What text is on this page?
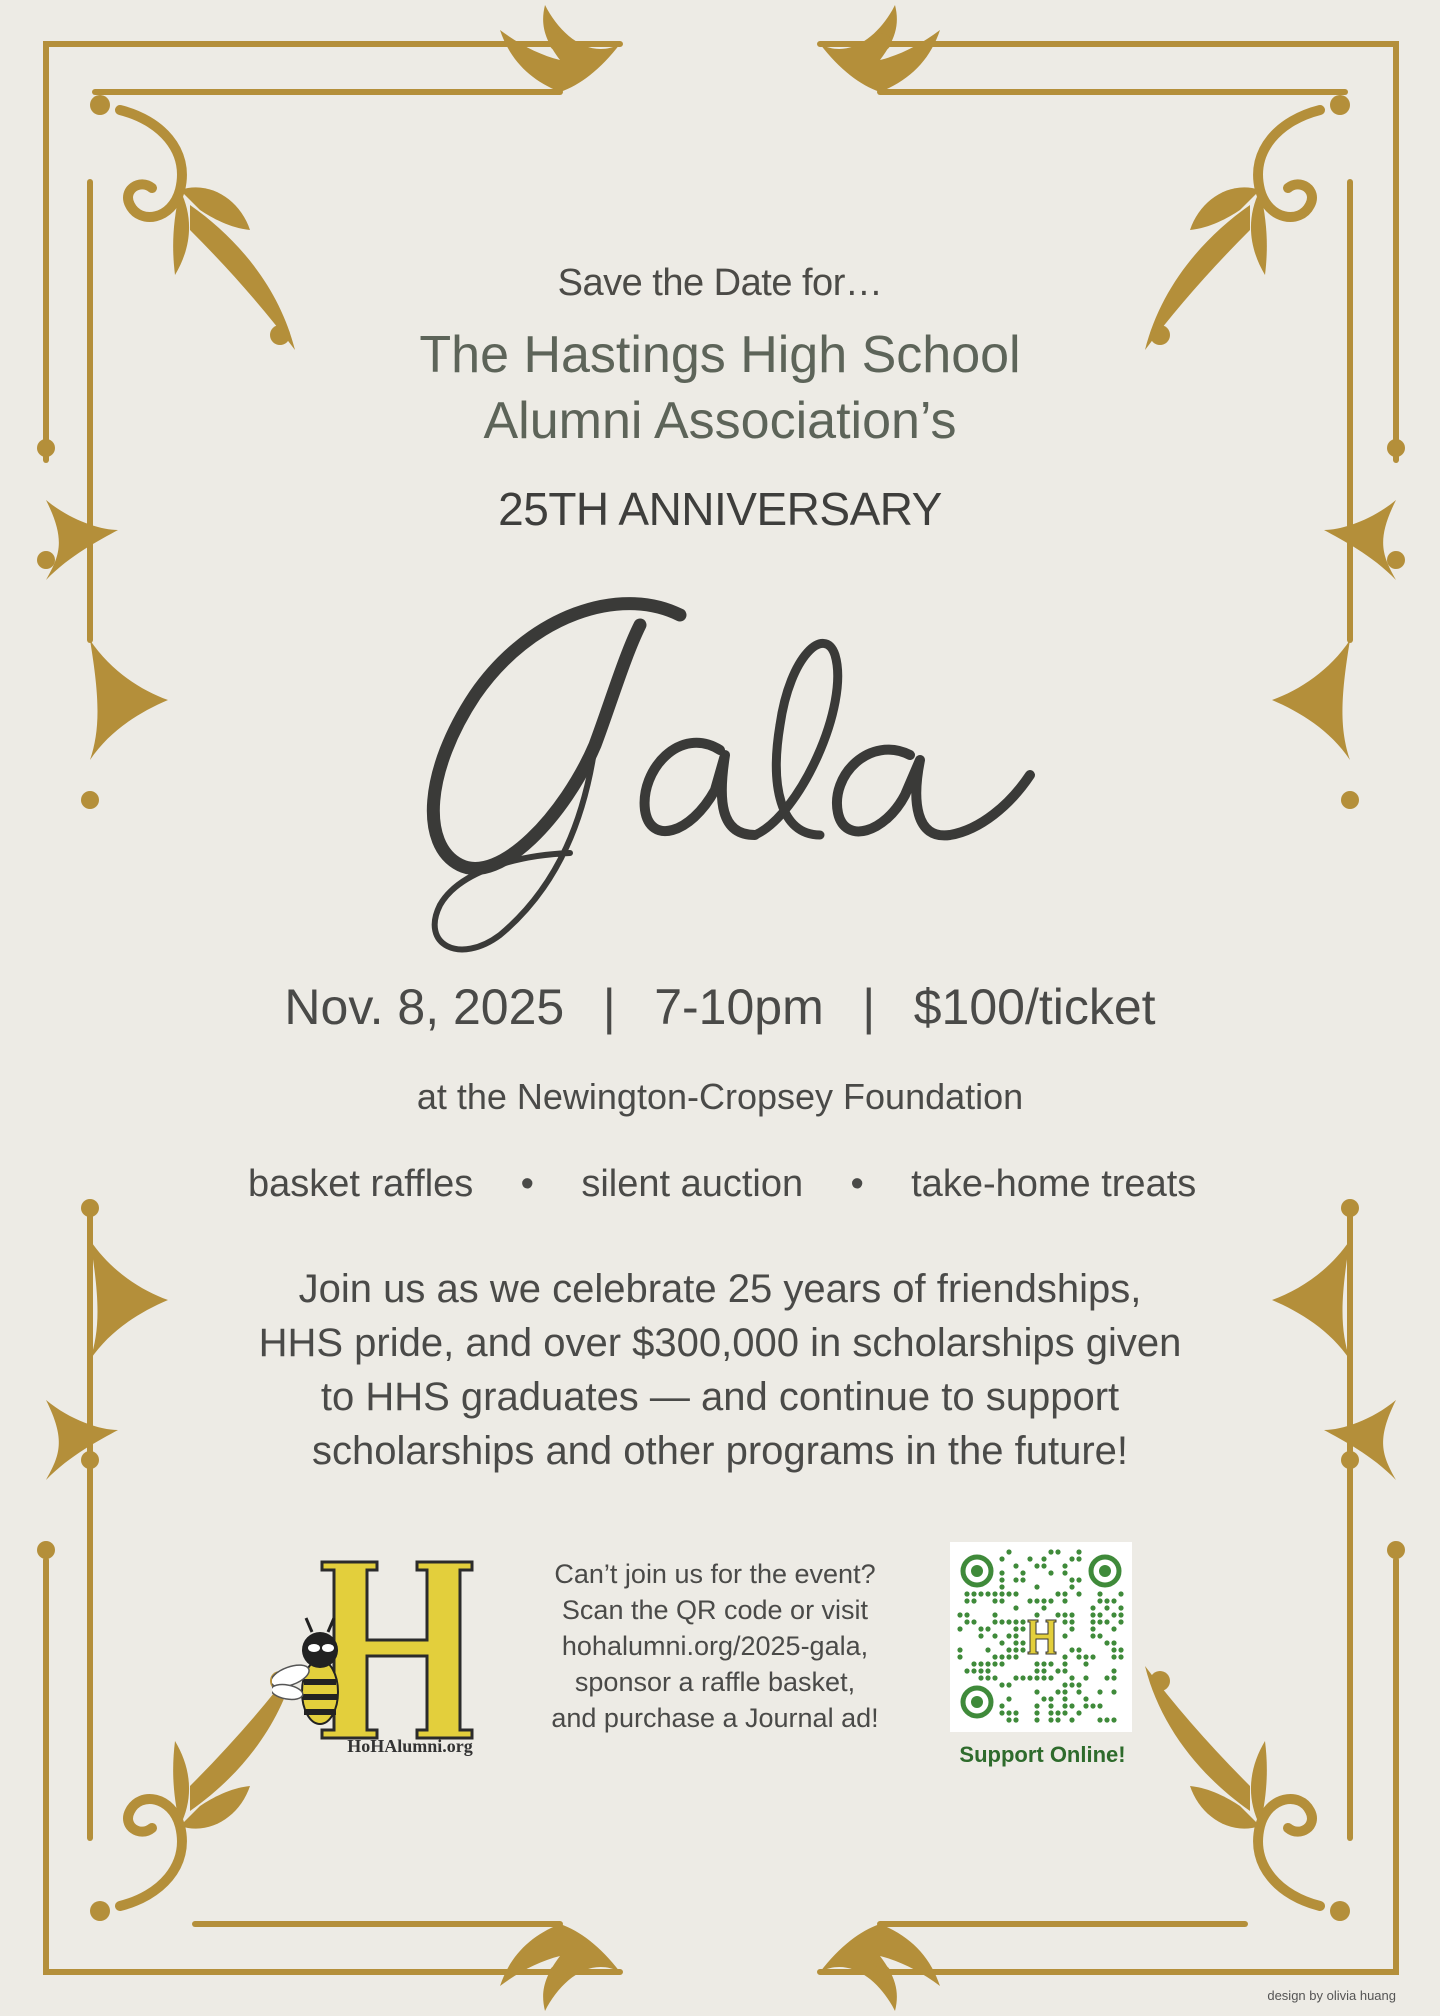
Save the Date for…
The Hastings High School
Alumni Association’s
25TH ANNIVERSARY
Nov. 8, 2025 | 7-10pm | $100/ticket
at the Newington-Cropsey Foundation
basket raffles • silent auction • take-home treats
Join us as we celebrate 25 years of friendships,
HHS pride, and over $300,000 in scholarships given
to HHS graduates — and continue to support
scholarships and other programs in the future!
HoHAlumni.org
Can’t join us for the event?
Scan the QR code or visit
hohalumni.org/2025-gala,
sponsor a raffle basket,
and purchase a Journal ad!
Support Online!
design by olivia huang
